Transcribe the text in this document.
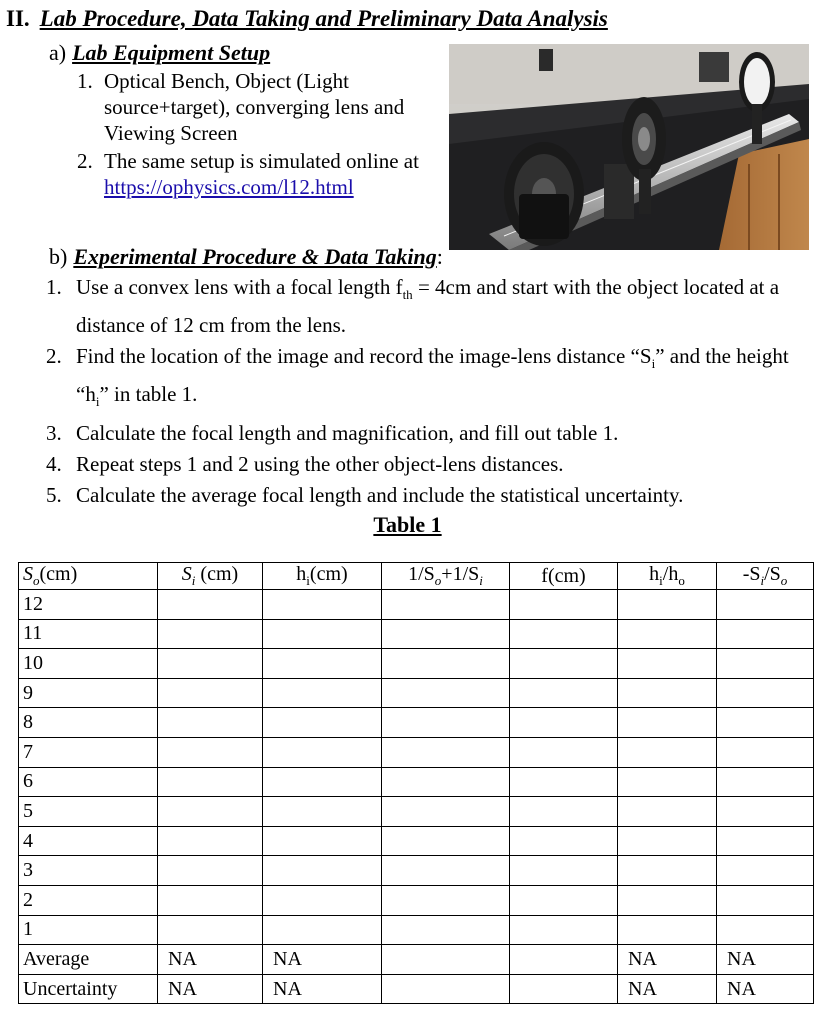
II. Lab Procedure, Data Taking and Preliminary Data Analysis
a) Lab Equipment Setup
1. Optical Bench, Object (Light source+target), converging lens and Viewing Screen
2. The same setup is simulated online at https://ophysics.com/l12.html
b) Experimental Procedure & Data Taking:
1. Use a convex lens with a focal length $f_{th} = 4cm$ and start with the object located at a distance of 12 cm from the lens.
2. Find the location of the image and record the image-lens distance “$S_i$” and the height “$h_i$” in table 1.
3. Calculate the focal length and magnification, and fill out table 1.
4. Repeat steps 1 and 2 using the other object-lens distances.
5. Calculate the average focal length and include the statistical uncertainty.
Table 1
$S_o(cm)$	$S_i$ (cm)	$h_i(cm)$	$1/S_o+1/S_i$	f(cm)	$h_i/h_o$	$-S_i/S_o$
12						
11						
10						
9						
8						
7						
6						
5						
4						
3						
2						
1						
Average	NA	NA			NA	NA
Uncertainty	NA	NA			NA	NA
